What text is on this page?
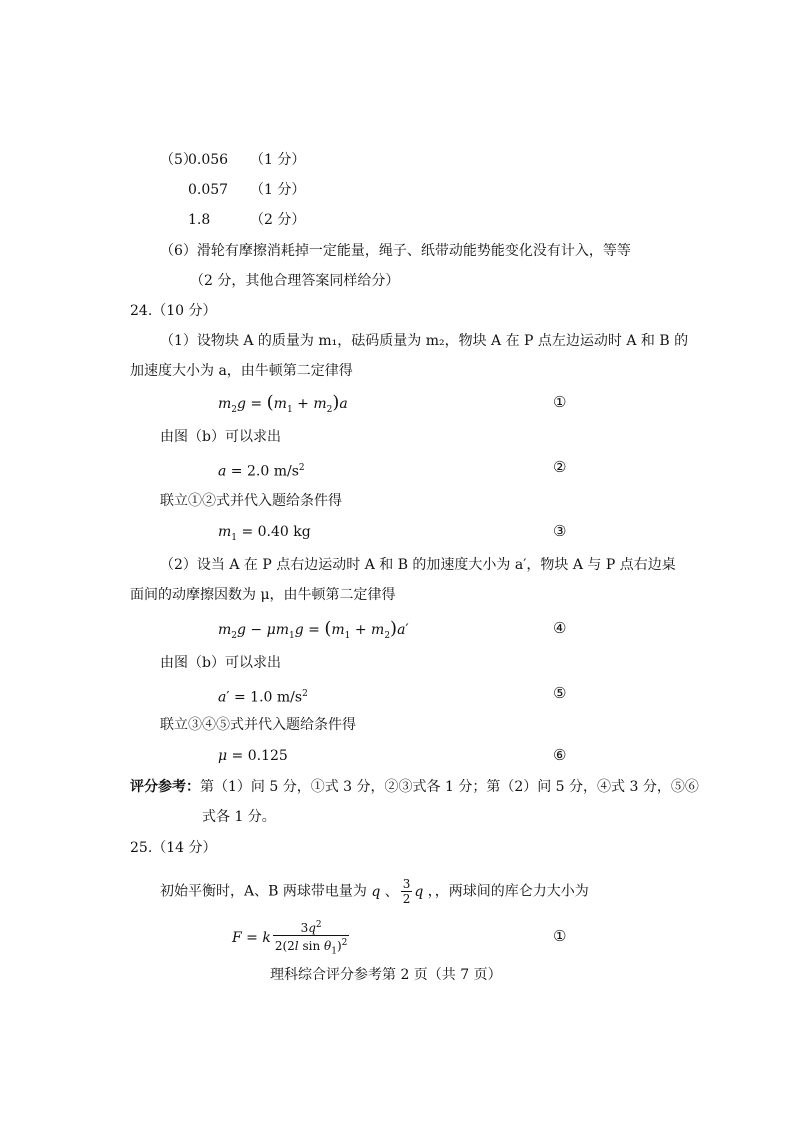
（5）
0.056 （1 分）
0.057 （1 分）
1.8	（2 分）
（6）滑轮有摩擦消耗掉一定能量，绳子、纸带动能势能变化没有计入，等等
（2 分，其他合理答案同样给分）
24.（10 分）
（1）设物块 A 的质量为 m₁，砝码质量为 m₂，物块 A 在 P 点左边运动时 A 和 B 的
加速度大小为 a，由牛顿第二定律得
$m_2g = (m_1 + m_2)a$	①
由图（b）可以求出
a = 2.0 $m/s^2$	②
联立①②式并代入题给条件得
$m_1 = 0.40$ kg	③
（2）设当 A 在 P 点右边运动时 A 和 B 的加速度大小为 a′，物块 A 与 P 点右边桌
面间的动摩擦因数为 μ，由牛顿第二定律得
$m_2g - \mu m_1g = (m_1 + m_2)a'$	④
由图（b）可以求出
a′ = 1.0 $m/s^2$	⑤
联立③④⑤式并代入题给条件得
μ = 0.125	⑥
评分参考：第（1）问 5 分，①式 3 分，②③式各 1 分；第（2）问 5 分，④式 3 分，⑤⑥
式各 1 分。
25.（14 分）
初始平衡时，A、B 两球带电量为 q 、 $\frac{3}{2}$ q ，，两球间的库仑力大小为
F = k $\frac{3q^2}{2(2l \sin \theta_1)^2}$	①
理科综合评分参考第 2 页（共 7 页）
